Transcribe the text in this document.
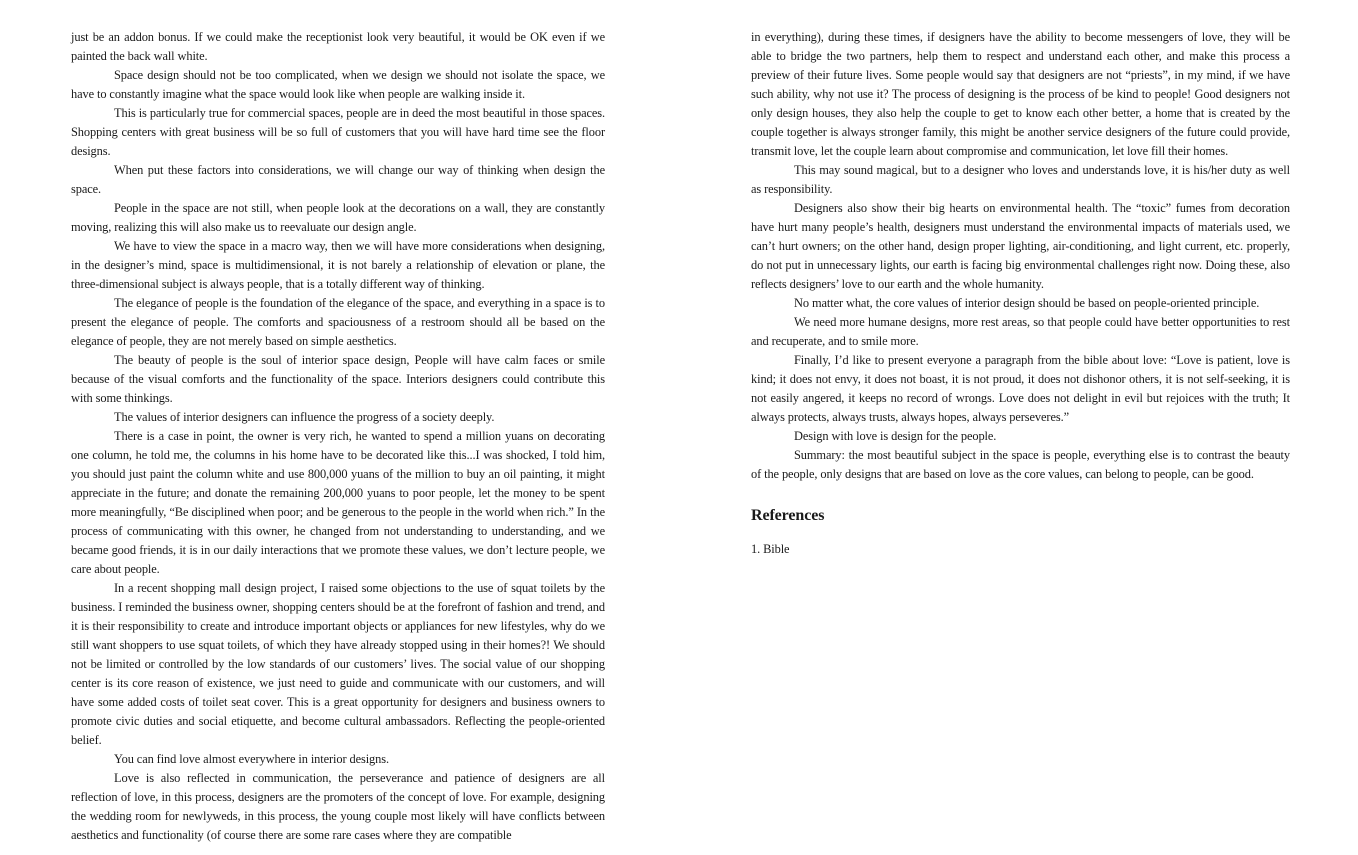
just be an addon bonus. If we could make the receptionist look very beautiful, it would be OK even if we painted the back wall white.

Space design should not be too complicated, when we design we should not isolate the space, we have to constantly imagine what the space would look like when people are walking inside it.

This is particularly true for commercial spaces, people are in deed the most beautiful in those spaces. Shopping centers with great business will be so full of customers that you will have hard time see the floor designs.

When put these factors into considerations, we will change our way of thinking when design the space.

People in the space are not still, when people look at the decorations on a wall, they are constantly moving, realizing this will also make us to reevaluate our design angle.

We have to view the space in a macro way, then we will have more considerations when designing, in the designer’s mind, space is multidimensional, it is not barely a relationship of elevation or plane, the three-dimensional subject is always people, that is a totally different way of thinking.

The elegance of people is the foundation of the elegance of the space, and everything in a space is to present the elegance of people. The comforts and spaciousness of a restroom should all be based on the elegance of people, they are not merely based on simple aesthetics.

The beauty of people is the soul of interior space design, People will have calm faces or smile because of the visual comforts and the functionality of the space. Interiors designers could contribute this with some thinkings.

The values of interior designers can influence the progress of a society deeply.

There is a case in point, the owner is very rich, he wanted to spend a million yuans on decorating one column, he told me, the columns in his home have to be decorated like this...I was shocked, I told him, you should just paint the column white and use 800,000 yuans of the million to buy an oil painting, it might appreciate in the future; and donate the remaining 200,000 yuans to poor people, let the money to be spent more meaningfully, “Be disciplined when poor; and be generous to the people in the world when rich.” In the process of communicating with this owner, he changed from not understanding to understanding, and we became good friends, it is in our daily interactions that we promote these values, we don’t lecture people, we care about people.

In a recent shopping mall design project, I raised some objections to the use of squat toilets by the business. I reminded the business owner, shopping centers should be at the forefront of fashion and trend, and it is their responsibility to create and introduce important objects or appliances for new lifestyles, why do we still want shoppers to use squat toilets, of which they have already stopped using in their homes?! We should not be limited or controlled by the low standards of our customers’ lives. The social value of our shopping center is its core reason of existence, we just need to guide and communicate with our customers, and will have some added costs of toilet seat cover. This is a great opportunity for designers and business owners to promote civic duties and social etiquette, and become cultural ambassadors. Reflecting the people-oriented belief.

You can find love almost everywhere in interior designs.

Love is also reflected in communication, the perseverance and patience of designers are all reflection of love, in this process, designers are the promoters of the concept of love. For example, designing the wedding room for newlyweds, in this process, the young couple most likely will have conflicts between aesthetics and functionality (of course there are some rare cases where they are compatible

in everything), during these times, if designers have the ability to become messengers of love, they will be able to bridge the two partners, help them to respect and understand each other, and make this process a preview of their future lives. Some people would say that designers are not “priests”, in my mind, if we have such ability, why not use it? The process of designing is the process of be kind to people! Good designers not only design houses, they also help the couple to get to know each other better, a home that is created by the couple together is always stronger family, this might be another service designers of the future could provide, transmit love, let the couple learn about compromise and communication, let love fill their homes.

This may sound magical, but to a designer who loves and understands love, it is his/her duty as well as responsibility.

Designers also show their big hearts on environmental health. The “toxic” fumes from decoration have hurt many people’s health, designers must understand the environmental impacts of materials used, we can’t hurt owners; on the other hand, design proper lighting, air-conditioning, and light current, etc. properly, do not put in unnecessary lights, our earth is facing big environmental challenges right now. Doing these, also reflects designers’ love to our earth and the whole humanity.

No matter what, the core values of interior design should be based on people-oriented principle.

We need more humane designs, more rest areas, so that people could have better opportunities to rest and recuperate, and to smile more.

Finally, I’d like to present everyone a paragraph from the bible about love: “Love is patient, love is kind; it does not envy, it does not boast, it is not proud, it does not dishonor others, it is not self-seeking, it is not easily angered, it keeps no record of wrongs. Love does not delight in evil but rejoices with the truth; It always protects, always trusts, always hopes, always perseveres.”

Design with love is design for the people.

Summary: the most beautiful subject in the space is people, everything else is to contrast the beauty of the people, only designs that are based on love as the core values, can belong to people, can be good.

References
1. Bible
